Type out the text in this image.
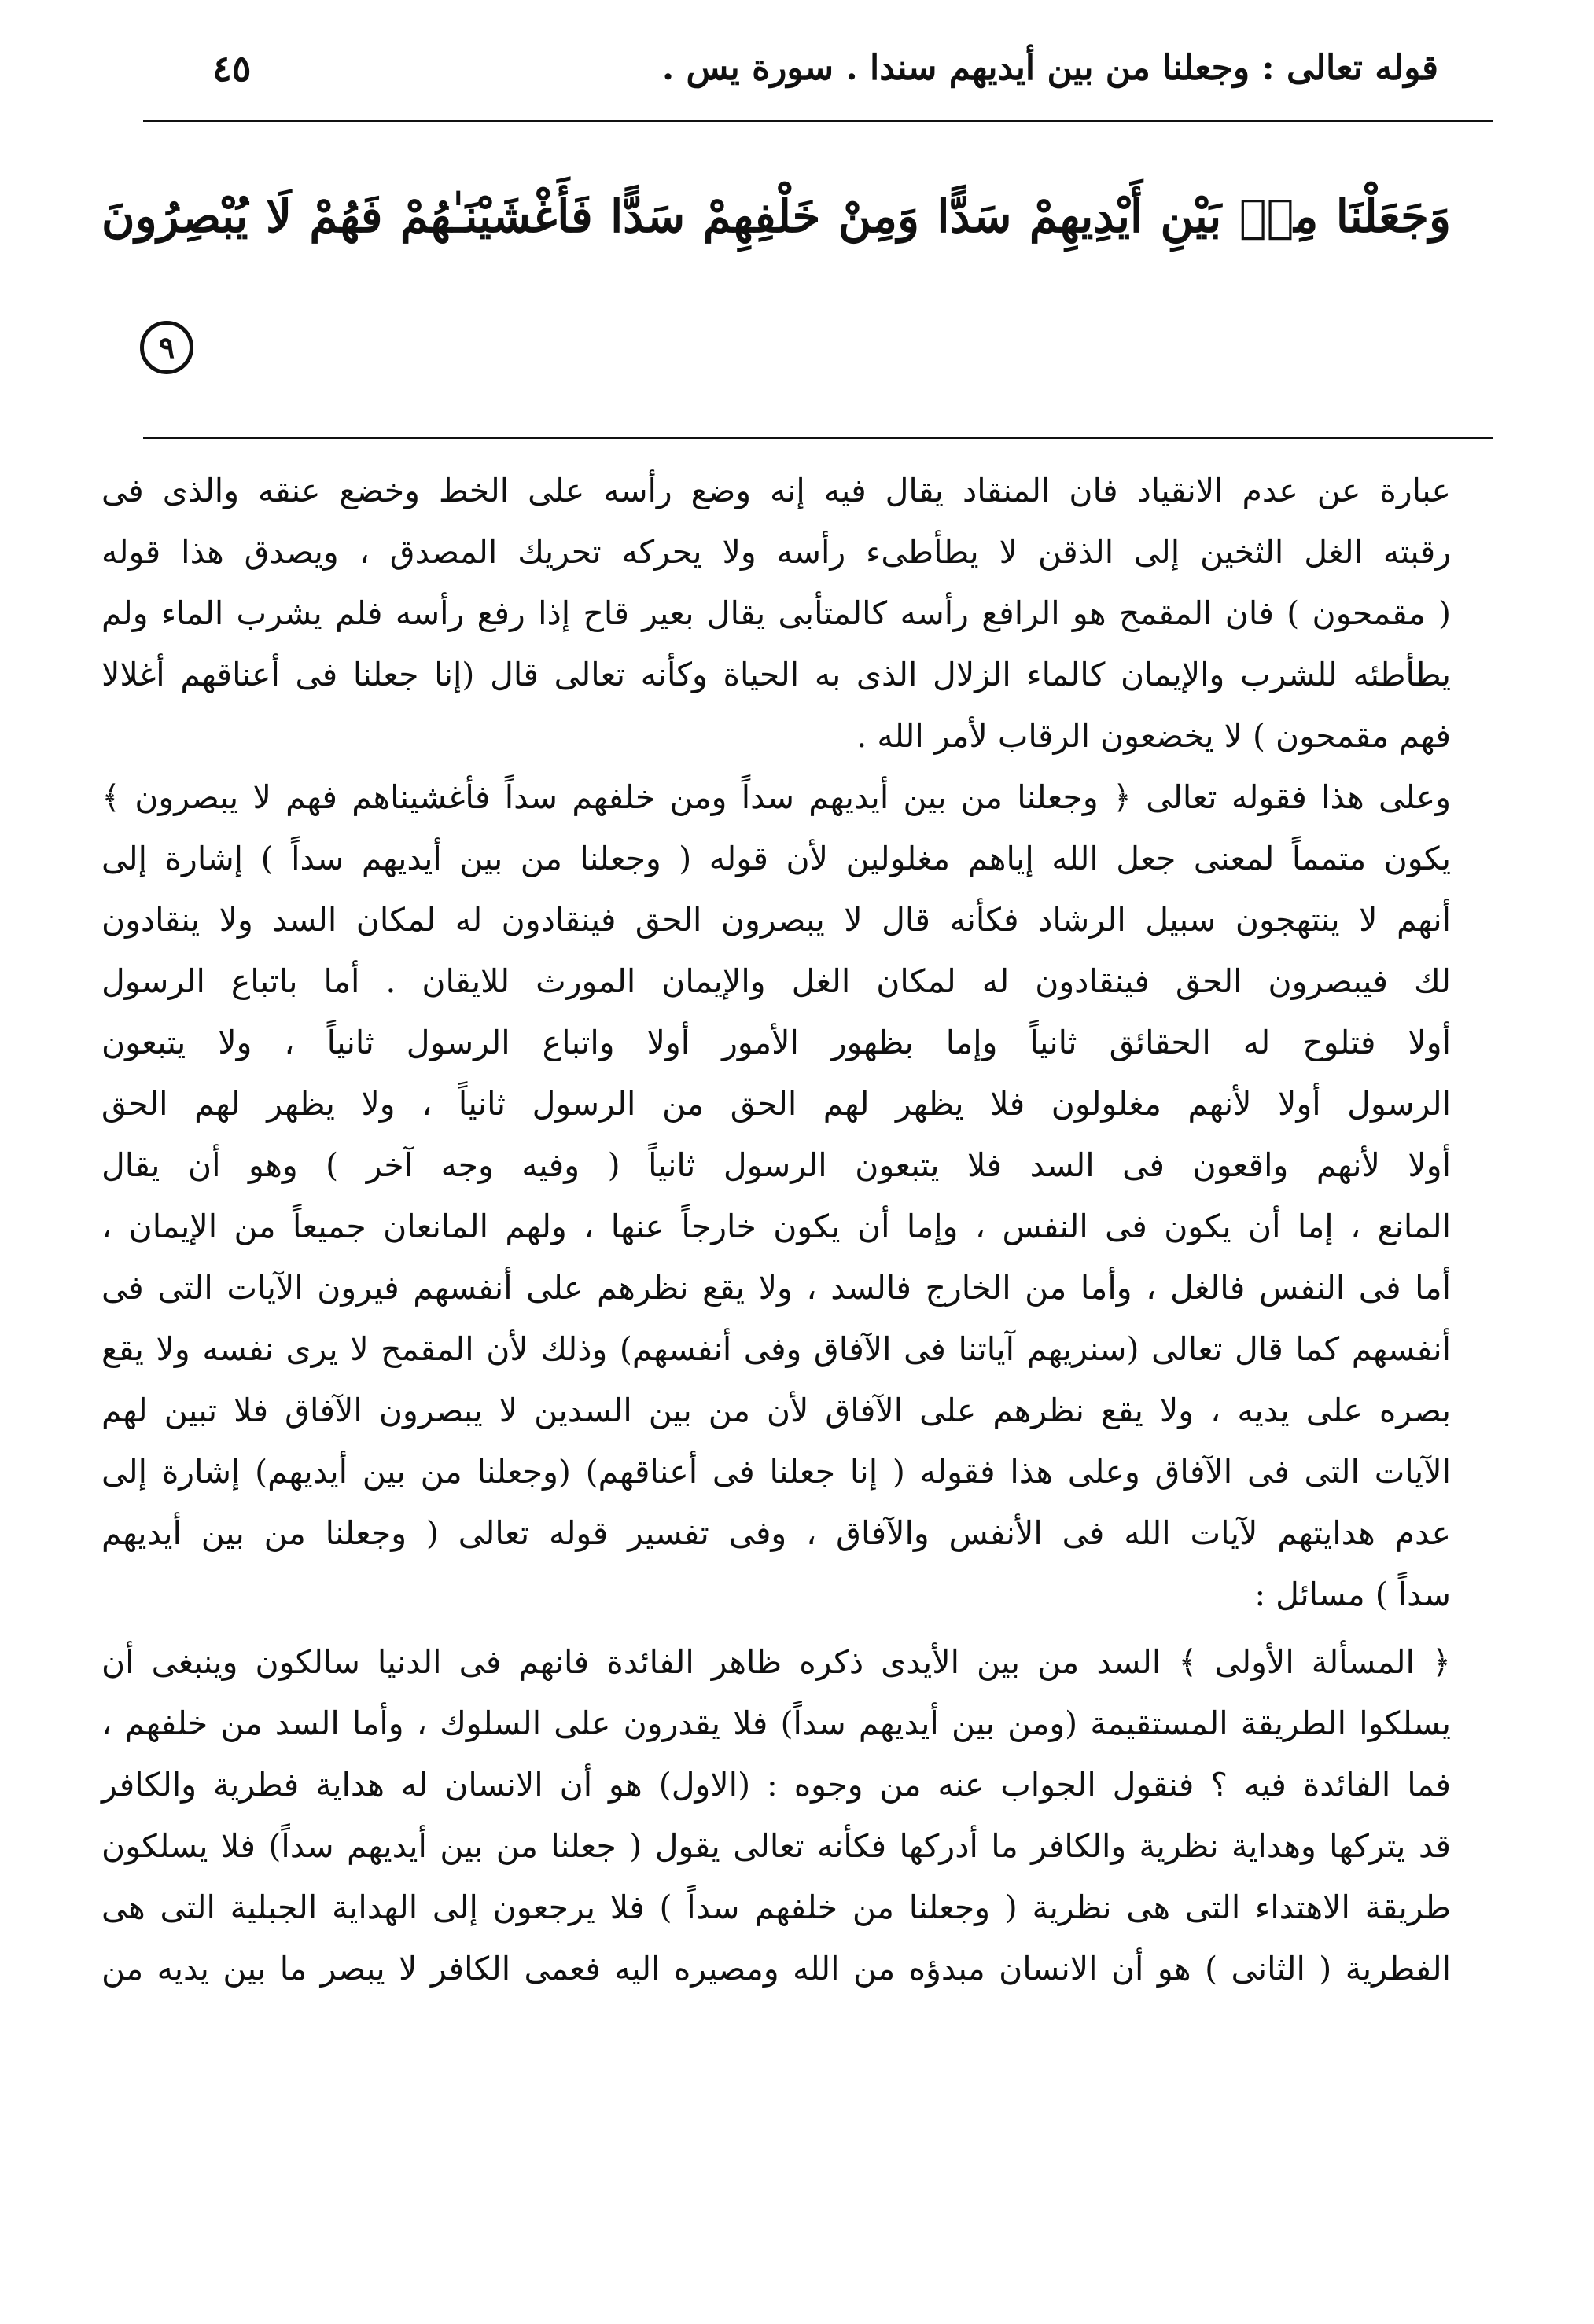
قوله تعالى : وجعلنا من بين أيديهم سندا . سورة يس .
٤٥
وَجَعَلْنَا مِنۢ بَيْنِ أَيْدِيهِمْ سَدًّا وَمِنْ خَلْفِهِمْ سَدًّا فَأَغْشَيْنَـٰهُمْ فَهُمْ لَا يُبْصِرُونَ
٩
عبارة عن عدم الانقياد فان المنقاد يقال فيه إنه وضع رأسه على الخط وخضع عنقه والذى فى
رقبته الغل الثخين إلى الذقن لا يطأطىء رأسه ولا يحركه تحريك المصدق ، ويصدق هذا قوله
( مقمحون ) فان المقمح هو الرافع رأسه كالمتأبى يقال بعير قاح إذا رفع رأسه فلم يشرب الماء ولم
يطأطئه للشرب والإيمان كالماء الزلال الذى به الحياة وكأنه تعالى قال (إنا جعلنا فى أعناقهم أغلالا
فهم مقمحون ) لا يخضعون الرقاب لأمر الله .
وعلى هذا فقوله تعالى ﴿ وجعلنا من بين أيديهم سداً ومن خلفهم سداً فأغشيناهم فهم لا يبصرون ﴾
يكون متمماً لمعنى جعل الله إياهم مغلولين لأن قوله ( وجعلنا من بين أيديهم سداً ) إشارة إلى
أنهم لا ينتهجون سبيل الرشاد فكأنه قال لا يبصرون الحق فينقادون له لمكان السد ولا ينقادون
لك فيبصرون الحق فينقادون له لمكان الغل والإيمان المورث للايقان . أما باتباع الرسول
أولا فتلوح له الحقائق ثانياً وإما بظهور الأمور أولا واتباع الرسول ثانياً ، ولا يتبعون
الرسول أولا لأنهم مغلولون فلا يظهر لهم الحق من الرسول ثانياً ، ولا يظهر لهم الحق
أولا لأنهم واقعون فى السد فلا يتبعون الرسول ثانياً ( وفيه وجه آخر ) وهو أن يقال
المانع ، إما أن يكون فى النفس ، وإما أن يكون خارجاً عنها ، ولهم المانعان جميعاً من الإيمان ،
أما فى النفس فالغل ، وأما من الخارج فالسد ، ولا يقع نظرهم على أنفسهم فيرون الآيات التى فى
أنفسهم كما قال تعالى (سنريهم آياتنا فى الآفاق وفى أنفسهم) وذلك لأن المقمح لا يرى نفسه ولا يقع
بصره على يديه ، ولا يقع نظرهم على الآفاق لأن من بين السدين لا يبصرون الآفاق فلا تبين لهم
الآيات التى فى الآفاق وعلى هذا فقوله ( إنا جعلنا فى أعناقهم) (وجعلنا من بين أيديهم) إشارة إلى
عدم هدايتهم لآيات الله فى الأنفس والآفاق ، وفى تفسير قوله تعالى ( وجعلنا من بين أيديهم
سداً ) مسائل :
﴿ المسألة الأولى ﴾ السد من بين الأيدى ذكره ظاهر الفائدة فانهم فى الدنيا سالكون وينبغى أن
يسلكوا الطريقة المستقيمة (ومن بين أيديهم سداً) فلا يقدرون على السلوك ، وأما السد من خلفهم ،
فما الفائدة فيه ؟ فنقول الجواب عنه من وجوه : (الاول) هو أن الانسان له هداية فطرية والكافر
قد يتركها وهداية نظرية والكافر ما أدركها فكأنه تعالى يقول ( جعلنا من بين أيديهم سداً) فلا يسلكون
طريقة الاهتداء التى هى نظرية ( وجعلنا من خلفهم سداً ) فلا يرجعون إلى الهداية الجبلية التى هى
الفطرية ( الثانى ) هو أن الانسان مبدؤه من الله ومصيره اليه فعمى الكافر لا يبصر ما بين يديه من
